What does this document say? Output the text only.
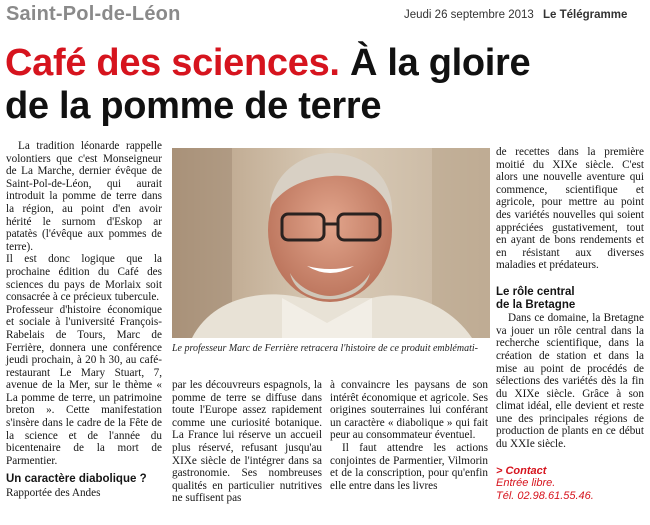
Saint-Pol-de-Léon	Jeudi 26 septembre 2013 Le Télégramme
Café des sciences. À la gloire
de la pomme de terre

La tradition léonarde rappelle volontiers que c'est Monseigneur de La Marche, dernier évêque de Saint-Pol-de-Léon, qui aurait introduit la pomme de terre dans la région, au point d'en avoir hérité le surnom d'Eskop ar patatès (l'évêque aux pommes de terre).

Il est donc logique que la prochaine édition du Café des sciences du pays de Morlaix soit consacrée à ce précieux tubercule.

Professeur d'histoire économique et sociale à l'université François-Rabelais de Tours, Marc de Ferrière, donnera une conférence jeudi prochain, à 20 h 30, au café-restaurant Le Mary Stuart, 7, avenue de la Mer, sur le thème « La pomme de terre, un patrimoine breton ». Cette manifestation s'insère dans le cadre de la Fête de la science et de l'année du bicentenaire de la mort de Parmentier.

Un caractère diabolique ?

Rapportée des Andes

Le professeur Marc de Ferrière retracera l'histoire de ce produit emblémati-

par les découvreurs espagnols, la pomme de terre se diffuse dans toute l'Europe assez rapidement comme une curiosité botanique. La France lui réserve un accueil plus réservé, refusant jusqu'au XIXe siècle de l'intégrer dans sa gastronomie. Ses nombreuses qualités en particulier nutritives ne suffisent pas

à convaincre les paysans de son intérêt économique et agricole. Ses origines souterraines lui conférant un caractère « diabolique » qui fait peur au consommateur éventuel.

Il faut attendre les actions conjointes de Parmentier, Vilmorin et de la conscription, pour qu'enfin elle entre dans les livres

de recettes dans la première moitié du XIXe siècle. C'est alors une nouvelle aventure qui commence, scientifique et agricole, pour mettre au point des variétés nouvelles qui soient appréciées gustativement, tout en ayant de bons rendements et en résistant aux diverses maladies et prédateurs.

Le rôle central
de la Bretagne

Dans ce domaine, la Bretagne va jouer un rôle central dans la recherche scientifique, dans la création de station et dans la mise au point de procédés de sélections des variétés dès la fin du XIXe siècle. Grâce à son climat idéal, elle devient et reste une des principales régions de production de plants en ce début du XXIe siècle.

> Contact
Entrée libre.
Tél. 02.98.61.55.46.
